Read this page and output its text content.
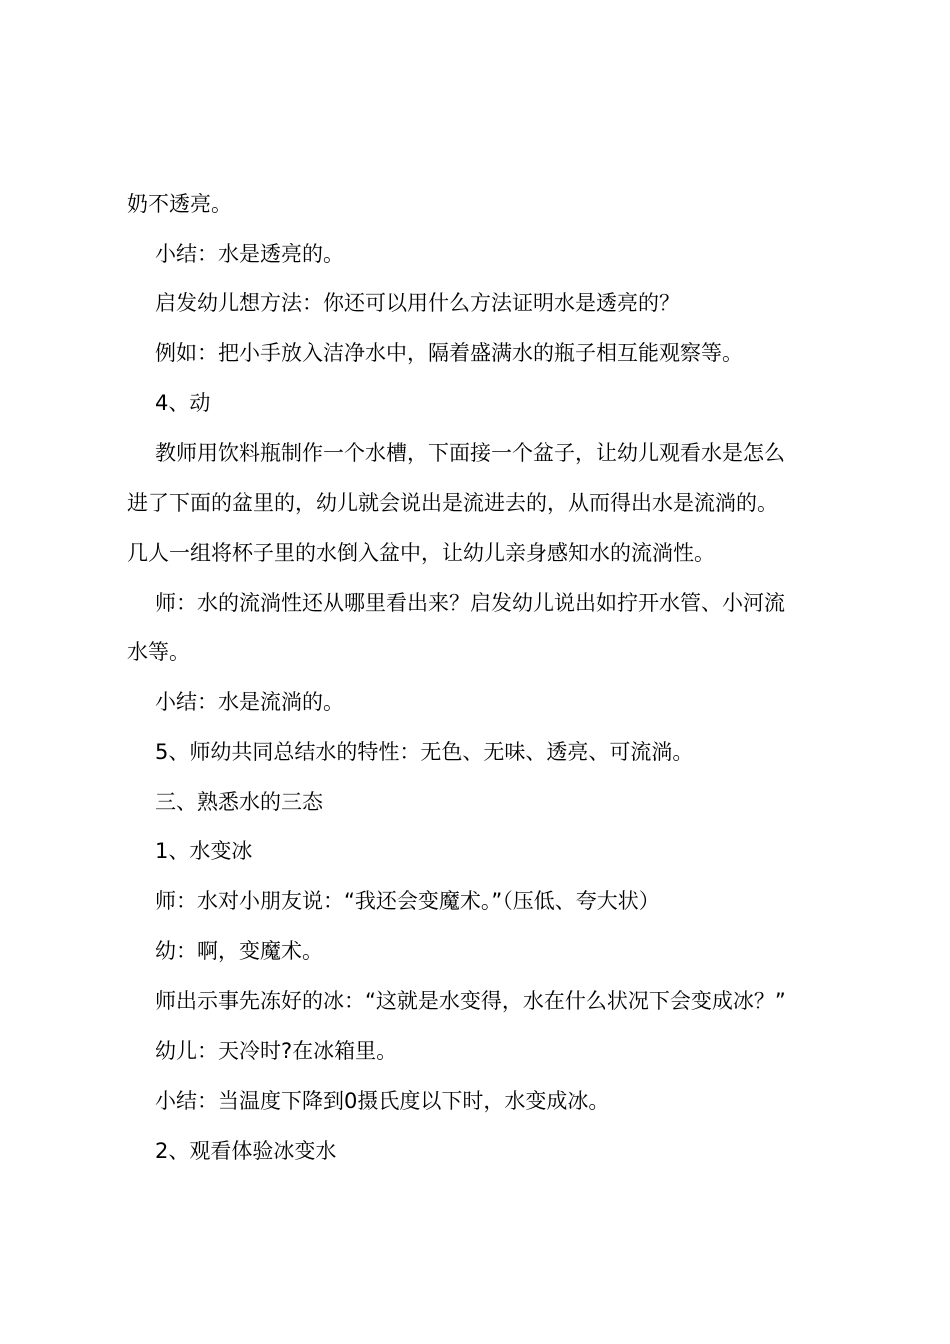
奶不透亮。
小结：水是透亮的。
启发幼儿想方法：你还可以用什么方法证明水是透亮的？
例如：把小手放入洁净水中，隔着盛满水的瓶子相互能观察等。
4、动
教师用饮料瓶制作一个水槽，下面接一个盆子，让幼儿观看水是怎么
进了下面的盆里的，幼儿就会说出是流进去的，从而得出水是流淌的。
几人一组将杯子里的水倒入盆中，让幼儿亲身感知水的流淌性。
师：水的流淌性还从哪里看出来？启发幼儿说出如拧开水管、小河流
水等。
小结：水是流淌的。
5、师幼共同总结水的特性：无色、无味、透亮、可流淌。
三、熟悉水的三态
1、水变冰
师：水对小朋友说：“我还会变魔术。”（压低、夸大状）
幼：啊，变魔术。
师出示事先冻好的冰：“这就是水变得，水在什么状况下会变成冰？”
幼儿：天冷时?在冰箱里。
小结：当温度下降到0摄氏度以下时，水变成冰。
2、观看体验冰变水
